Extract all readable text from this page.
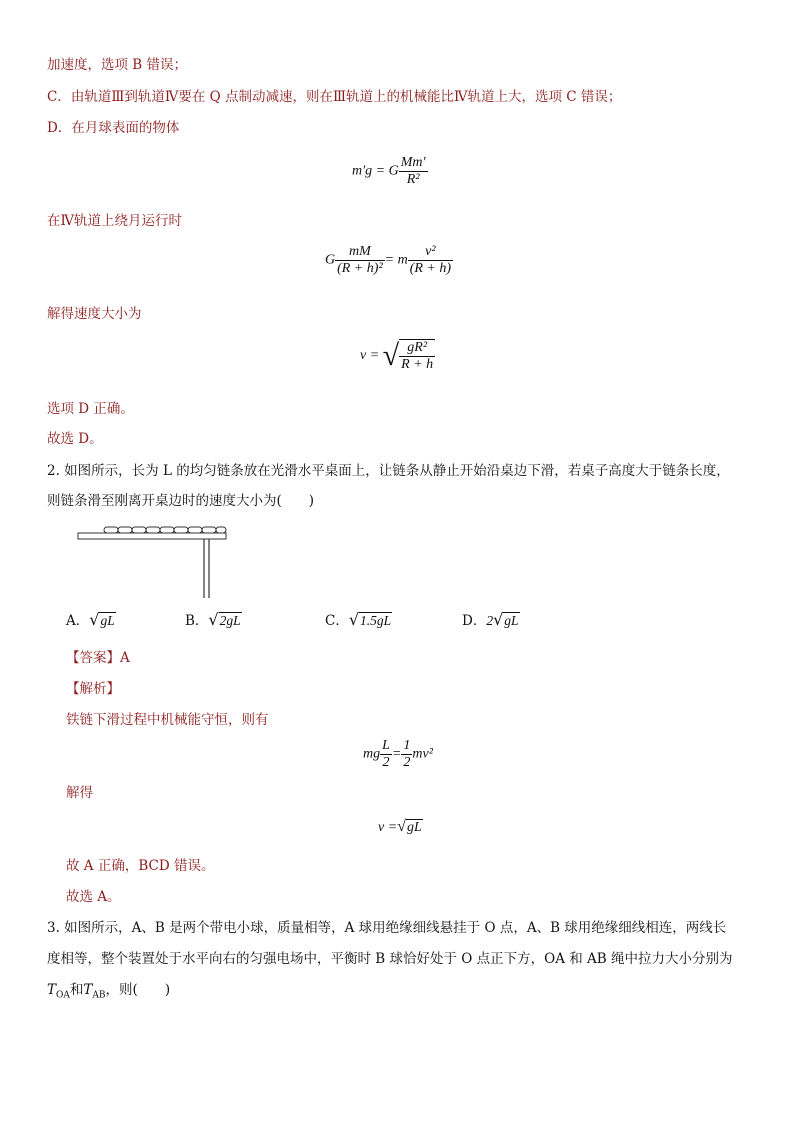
加速度，选项 B 错误；
C．由轨道Ⅲ到轨道Ⅳ要在 Q 点制动减速，则在Ⅲ轨道上的机械能比Ⅳ轨道上大，选项 C 错误；
D．在月球表面的物体
m′g = G $\frac{Mm'}{\text{R²}}$
在Ⅳ轨道上绕月运行时
G $\frac{mM}{\text{(R + h)²}} = m \frac{\text{v²}}{(R + h)}$
解得速度大小为
v = √ $\frac{\text{gR²}}{R + h}$
选项 D 正确。
故选 D。
2. 如图所示，长为 L 的均匀链条放在光滑水平桌面上，让链条从静止开始沿桌边下滑，若桌子高度大于链条长度，
则链条滑至刚离开桌边时的速度大小为(　　)
A．√gL	B．√2gL	C．√1.5gL	D．2√gL
【答案】A
【解析】
铁链下滑过程中机械能守恒，则有
mg $\frac{L}{2} = \frac{1}{2} mv^2$
解得
v =√gL
故 A 正确，BCD 错误。
故选 A。
3. 如图所示，A、B 是两个带电小球，质量相等，A 球用绝缘细线悬挂于 O 点，A、B 球用绝缘细线相连，两线长
度相等，整个装置处于水平向右的匀强电场中，平衡时 B 球恰好处于 O 点正下方，OA 和 AB 绳中拉力大小分别为
$T_{OA}$和$T_{AB}$，则(　　)
